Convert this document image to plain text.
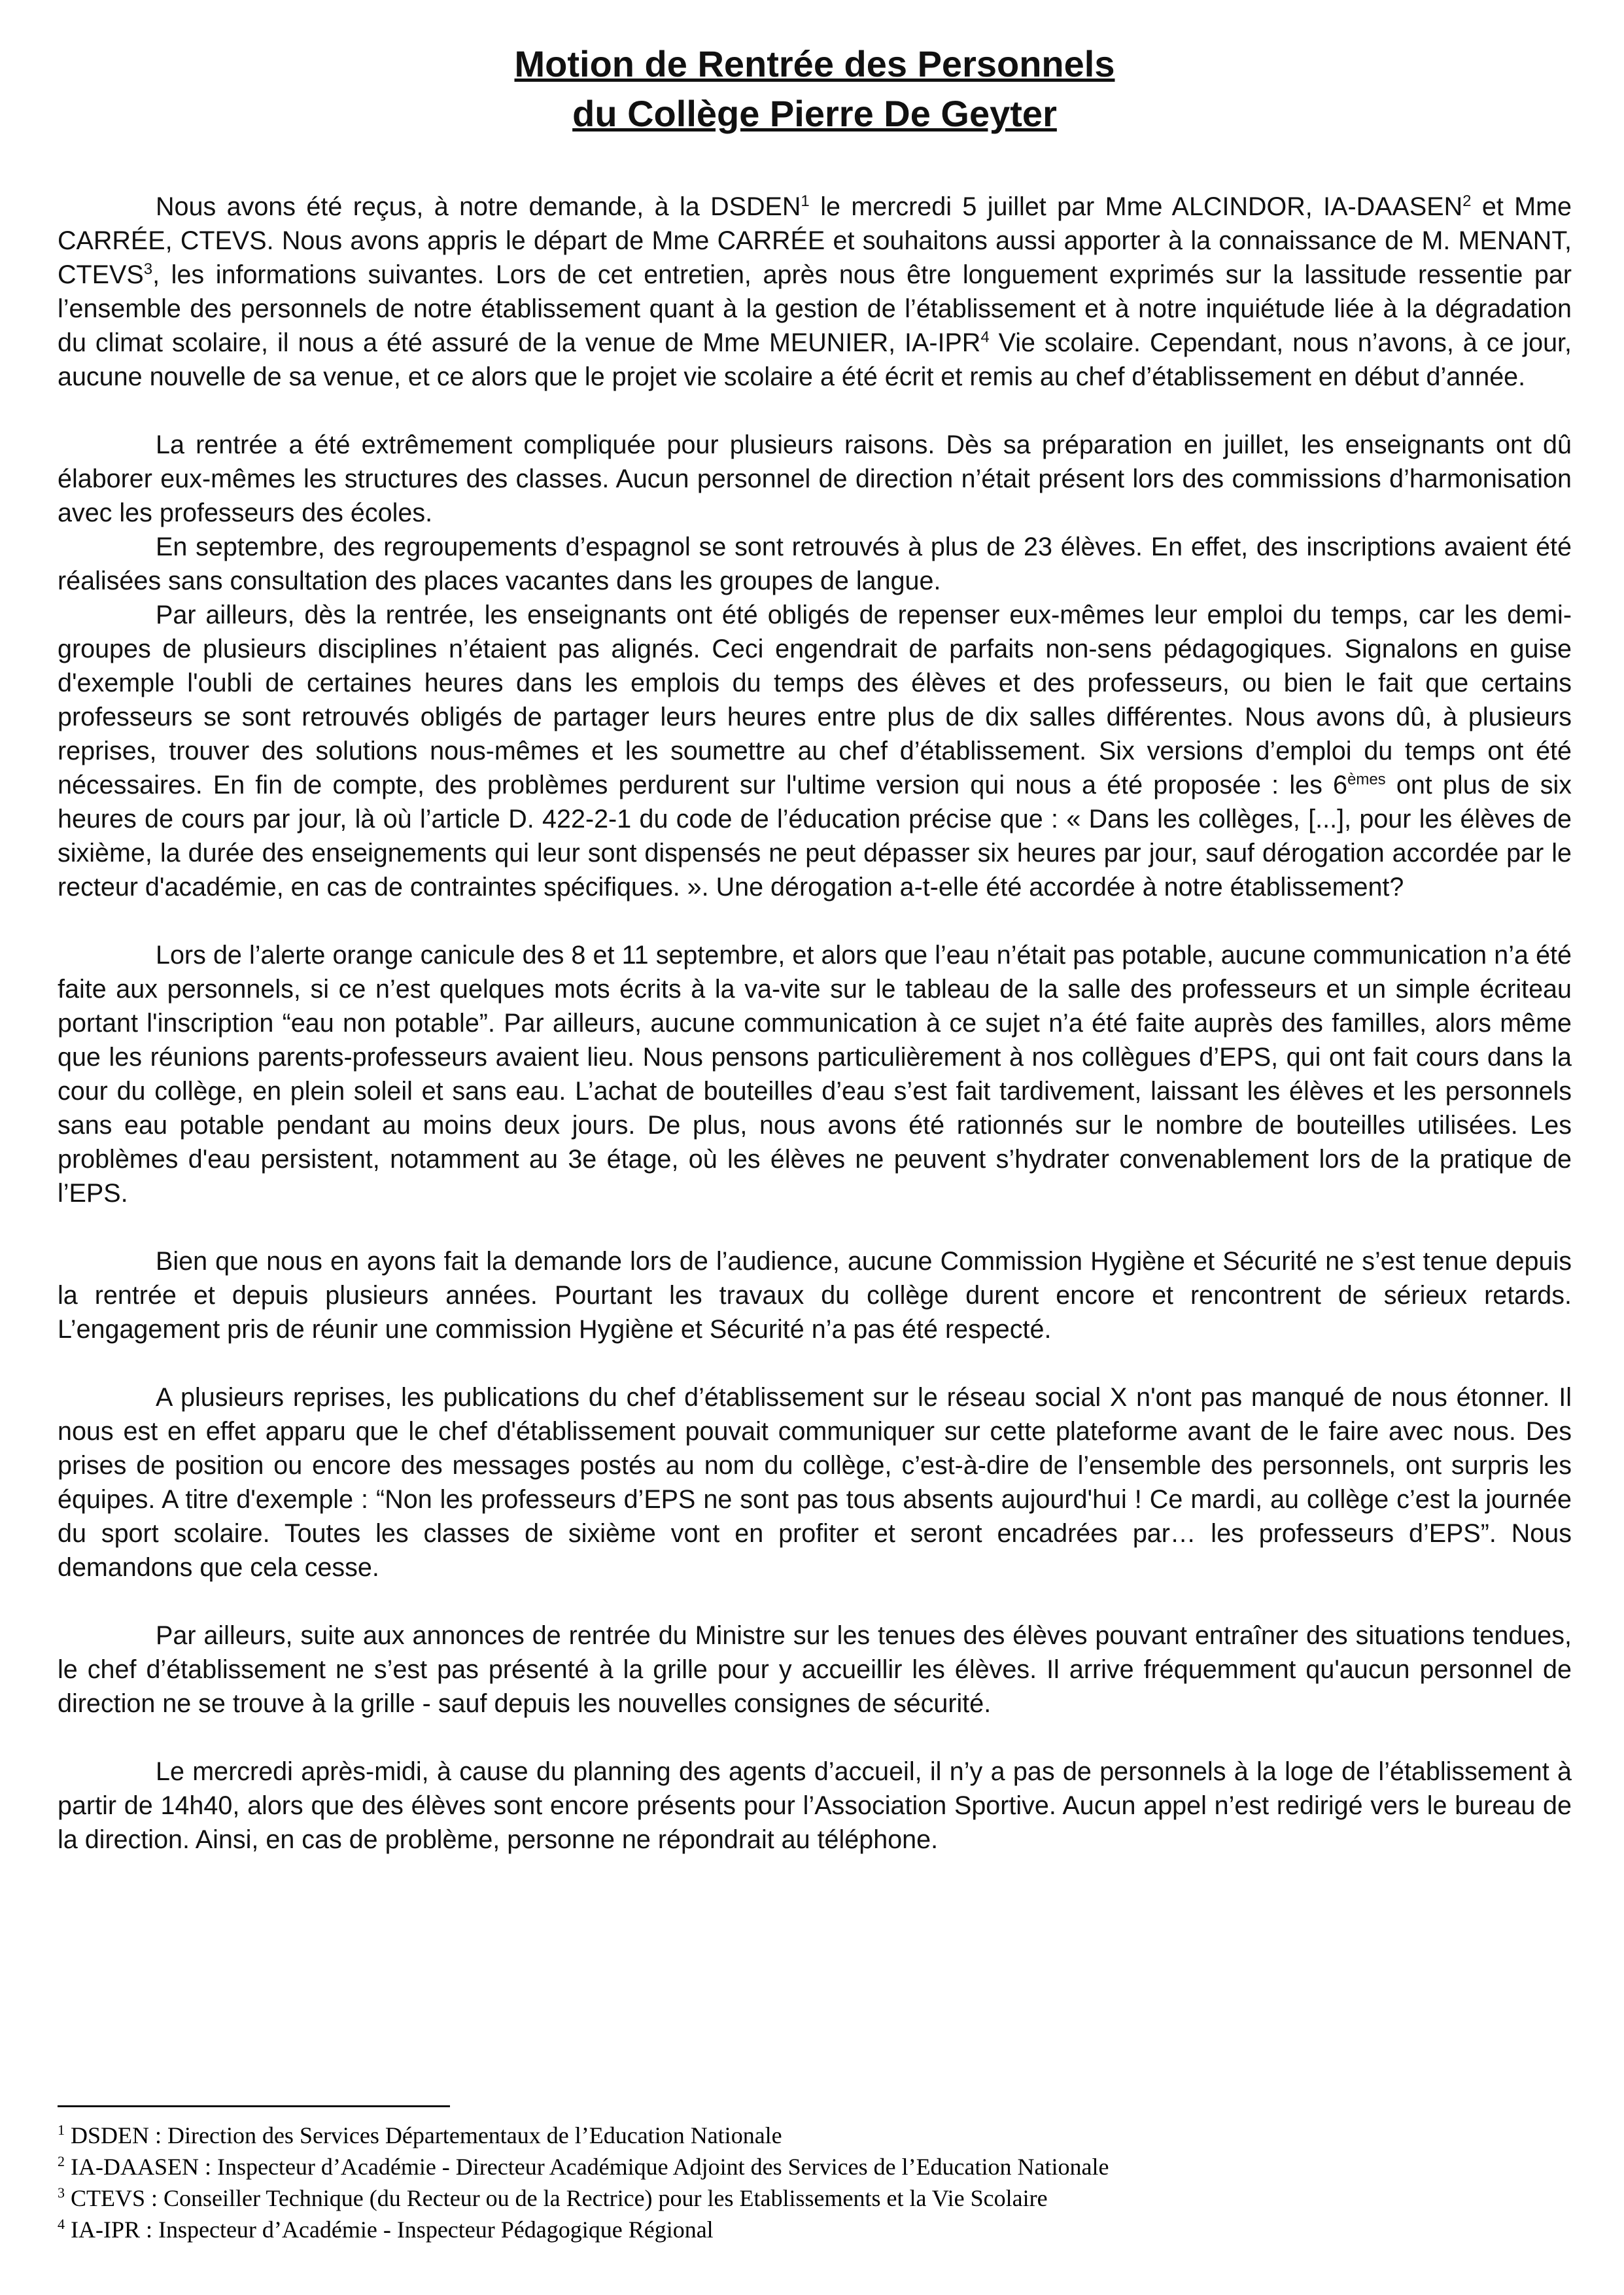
Motion de Rentrée des Personnels
du Collège Pierre De Geyter

Nous avons été reçus, à notre demande, à la DSDEN$^1$ le mercredi 5 juillet par Mme ALCINDOR, IA-DAASEN$^2$ et Mme CARRÉE, CTEVS. Nous avons appris le départ de Mme CARRÉE et souhaitons aussi apporter à la connaissance de M. MENANT, CTEVS$^3$, les informations suivantes. Lors de cet entretien, après nous être longuement exprimés sur la lassitude ressentie par l’ensemble des personnels de notre établissement quant à la gestion de l’établissement et à notre inquiétude liée à la dégradation du climat scolaire, il nous a été assuré de la venue de Mme MEUNIER, IA-IPR$^4$ Vie scolaire. Cependant, nous n’avons, à ce jour, aucune nouvelle de sa venue, et ce alors que le projet vie scolaire a été écrit et remis au chef d’établissement en début d’année.

La rentrée a été extrêmement compliquée pour plusieurs raisons. Dès sa préparation en juillet, les enseignants ont dû élaborer eux-mêmes les structures des classes. Aucun personnel de direction n’était présent lors des commissions d’harmonisation avec les professeurs des écoles.

En septembre, des regroupements d’espagnol se sont retrouvés à plus de 23 élèves. En effet, des inscriptions avaient été réalisées sans consultation des places vacantes dans les groupes de langue.

Par ailleurs, dès la rentrée, les enseignants ont été obligés de repenser eux-mêmes leur emploi du temps, car les demi-groupes de plusieurs disciplines n’étaient pas alignés. Ceci engendrait de parfaits non-sens pédagogiques. Signalons en guise d'exemple l'oubli de certaines heures dans les emplois du temps des élèves et des professeurs, ou bien le fait que certains professeurs se sont retrouvés obligés de partager leurs heures entre plus de dix salles différentes. Nous avons dû, à plusieurs reprises, trouver des solutions nous-mêmes et les soumettre au chef d’établissement. Six versions d’emploi du temps ont été nécessaires. En fin de compte, des problèmes perdurent sur l'ultime version qui nous a été proposée : les 6èmes ont plus de six heures de cours par jour, là où l’article D. 422-2-1 du code de l’éducation précise que : « Dans les collèges, [...], pour les élèves de sixième, la durée des enseignements qui leur sont dispensés ne peut dépasser six heures par jour, sauf dérogation accordée par le recteur d'académie, en cas de contraintes spécifiques. ». Une dérogation a-t-elle été accordée à notre établissement?

Lors de l’alerte orange canicule des 8 et 11 septembre, et alors que l’eau n’était pas potable, aucune communication n’a été faite aux personnels, si ce n’est quelques mots écrits à la va-vite sur le tableau de la salle des professeurs et un simple écriteau portant l'inscription “eau non potable”. Par ailleurs, aucune communication à ce sujet n’a été faite auprès des familles, alors même que les réunions parents-professeurs avaient lieu. Nous pensons particulièrement à nos collègues d’EPS, qui ont fait cours dans la cour du collège, en plein soleil et sans eau. L’achat de bouteilles d’eau s’est fait tardivement, laissant les élèves et les personnels sans eau potable pendant au moins deux jours. De plus, nous avons été rationnés sur le nombre de bouteilles utilisées. Les problèmes d'eau persistent, notamment au 3e étage, où les élèves ne peuvent s’hydrater convenablement lors de la pratique de l’EPS.

Bien que nous en ayons fait la demande lors de l’audience, aucune Commission Hygiène et Sécurité ne s’est tenue depuis la rentrée et depuis plusieurs années. Pourtant les travaux du collège durent encore et rencontrent de sérieux retards. L’engagement pris de réunir une commission Hygiène et Sécurité n’a pas été respecté.

A plusieurs reprises, les publications du chef d’établissement sur le réseau social X n'ont pas manqué de nous étonner. Il nous est en effet apparu que le chef d'établissement pouvait communiquer sur cette plateforme avant de le faire avec nous. Des prises de position ou encore des messages postés au nom du collège, c’est-à-dire de l’ensemble des personnels, ont surpris les équipes. A titre d'exemple : “Non les professeurs d’EPS ne sont pas tous absents aujourd'hui ! Ce mardi, au collège c’est la journée du sport scolaire. Toutes les classes de sixième vont en profiter et seront encadrées par… les professeurs d’EPS”. Nous demandons que cela cesse.

Par ailleurs, suite aux annonces de rentrée du Ministre sur les tenues des élèves pouvant entraîner des situations tendues, le chef d’établissement ne s’est pas présenté à la grille pour y accueillir les élèves. Il arrive fréquemment qu'aucun personnel de direction ne se trouve à la grille - sauf depuis les nouvelles consignes de sécurité.

Le mercredi après-midi, à cause du planning des agents d’accueil, il n’y a pas de personnels à la loge de l’établissement à partir de 14h40, alors que des élèves sont encore présents pour l’Association Sportive. Aucun appel n’est redirigé vers le bureau de la direction. Ainsi, en cas de problème, personne ne répondrait au téléphone.

$^1$ DSDEN : Direction des Services Départementaux de l’Education Nationale
$^2$ IA-DAASEN : Inspecteur d’Académie - Directeur Académique Adjoint des Services de l’Education Nationale
$^3$ CTEVS : Conseiller Technique (du Recteur ou de la Rectrice) pour les Etablissements et la Vie Scolaire
$^4$ IA-IPR : Inspecteur d’Académie - Inspecteur Pédagogique Régional
